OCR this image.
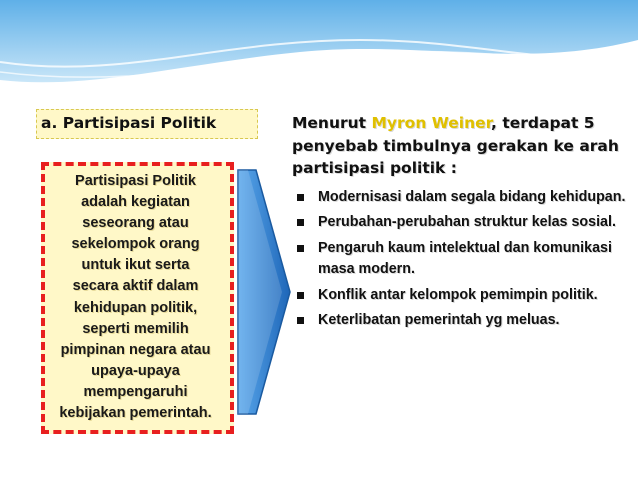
a. Partisipasi Politik
Partisipasi Politik
adalah kegiatan
seseorang atau
sekelompok orang
untuk ikut serta
secara aktif dalam
kehidupan politik,
seperti memilih
pimpinan negara atau
upaya-upaya
mempengaruhi
kebijakan pemerintah.
Menurut Myron Weiner, terdapat 5 penyebab timbulnya gerakan ke arah partisipasi politik :
Modernisasi dalam segala bidang kehidupan.
Perubahan-perubahan struktur kelas sosial.
Pengaruh kaum intelektual dan komunikasi masa modern.
Konflik antar kelompok pemimpin politik.
Keterlibatan pemerintah yg meluas.
